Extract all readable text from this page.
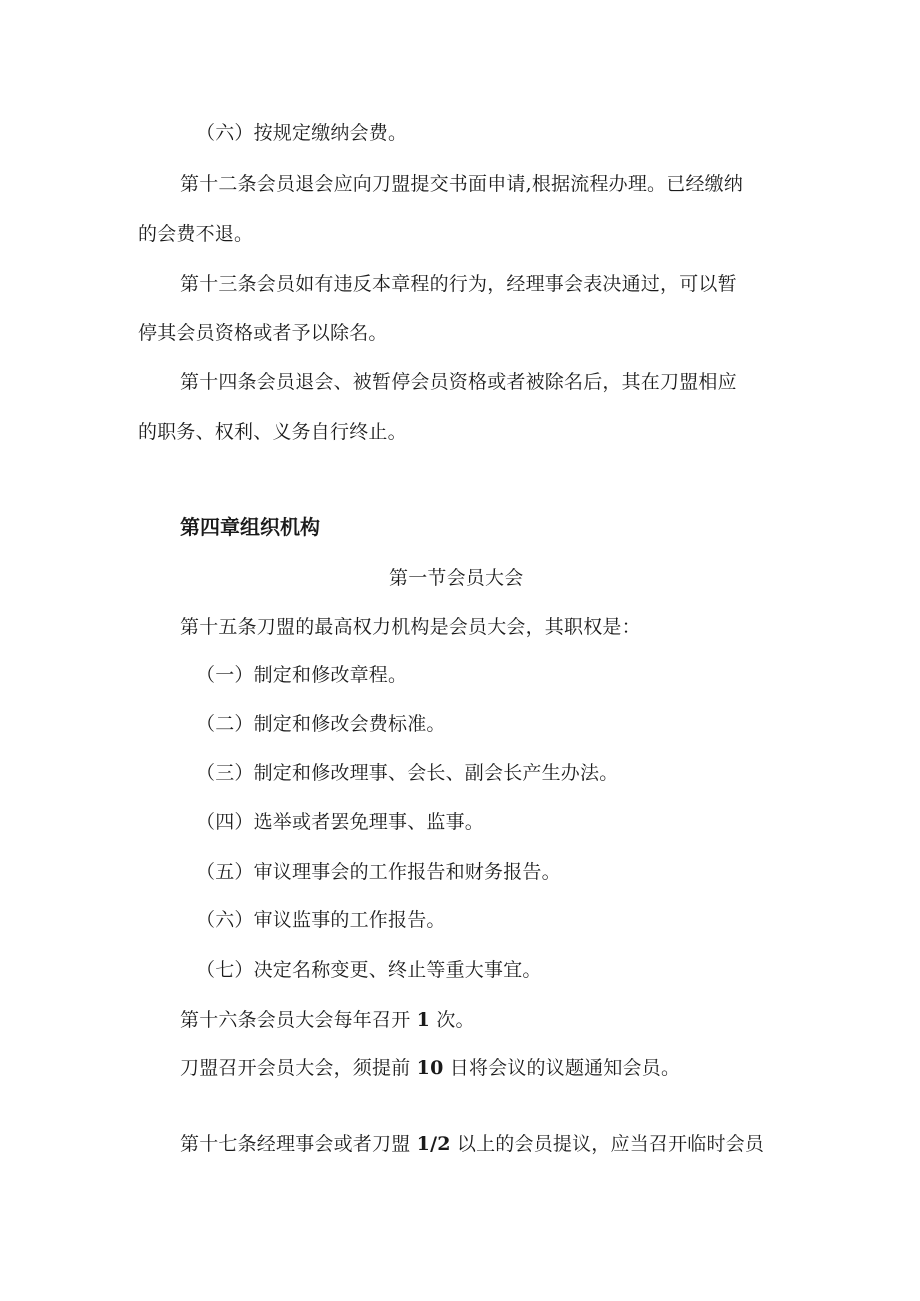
（六）按规定缴纳会费。
第十二条会员退会应向刀盟提交书面申请,根据流程办理。已经缴纳
的会费不退。
第十三条会员如有违反本章程的行为，经理事会表决通过，可以暂
停其会员资格或者予以除名。
第十四条会员退会、被暂停会员资格或者被除名后，其在刀盟相应
的职务、权利、义务自行终止。
第四章组织机构
第一节会员大会
第十五条刀盟的最高权力机构是会员大会，其职权是：
（一）制定和修改章程。
（二）制定和修改会费标准。
（三）制定和修改理事、会长、副会长产生办法。
（四）选举或者罢免理事、监事。
（五）审议理事会的工作报告和财务报告。
（六）审议监事的工作报告。
（七）决定名称变更、终止等重大事宜。
第十六条会员大会每年召开 1 次。
刀盟召开会员大会，须提前 10 日将会议的议题通知会员。
第十七条经理事会或者刀盟 1/2 以上的会员提议，应当召开临时会员
